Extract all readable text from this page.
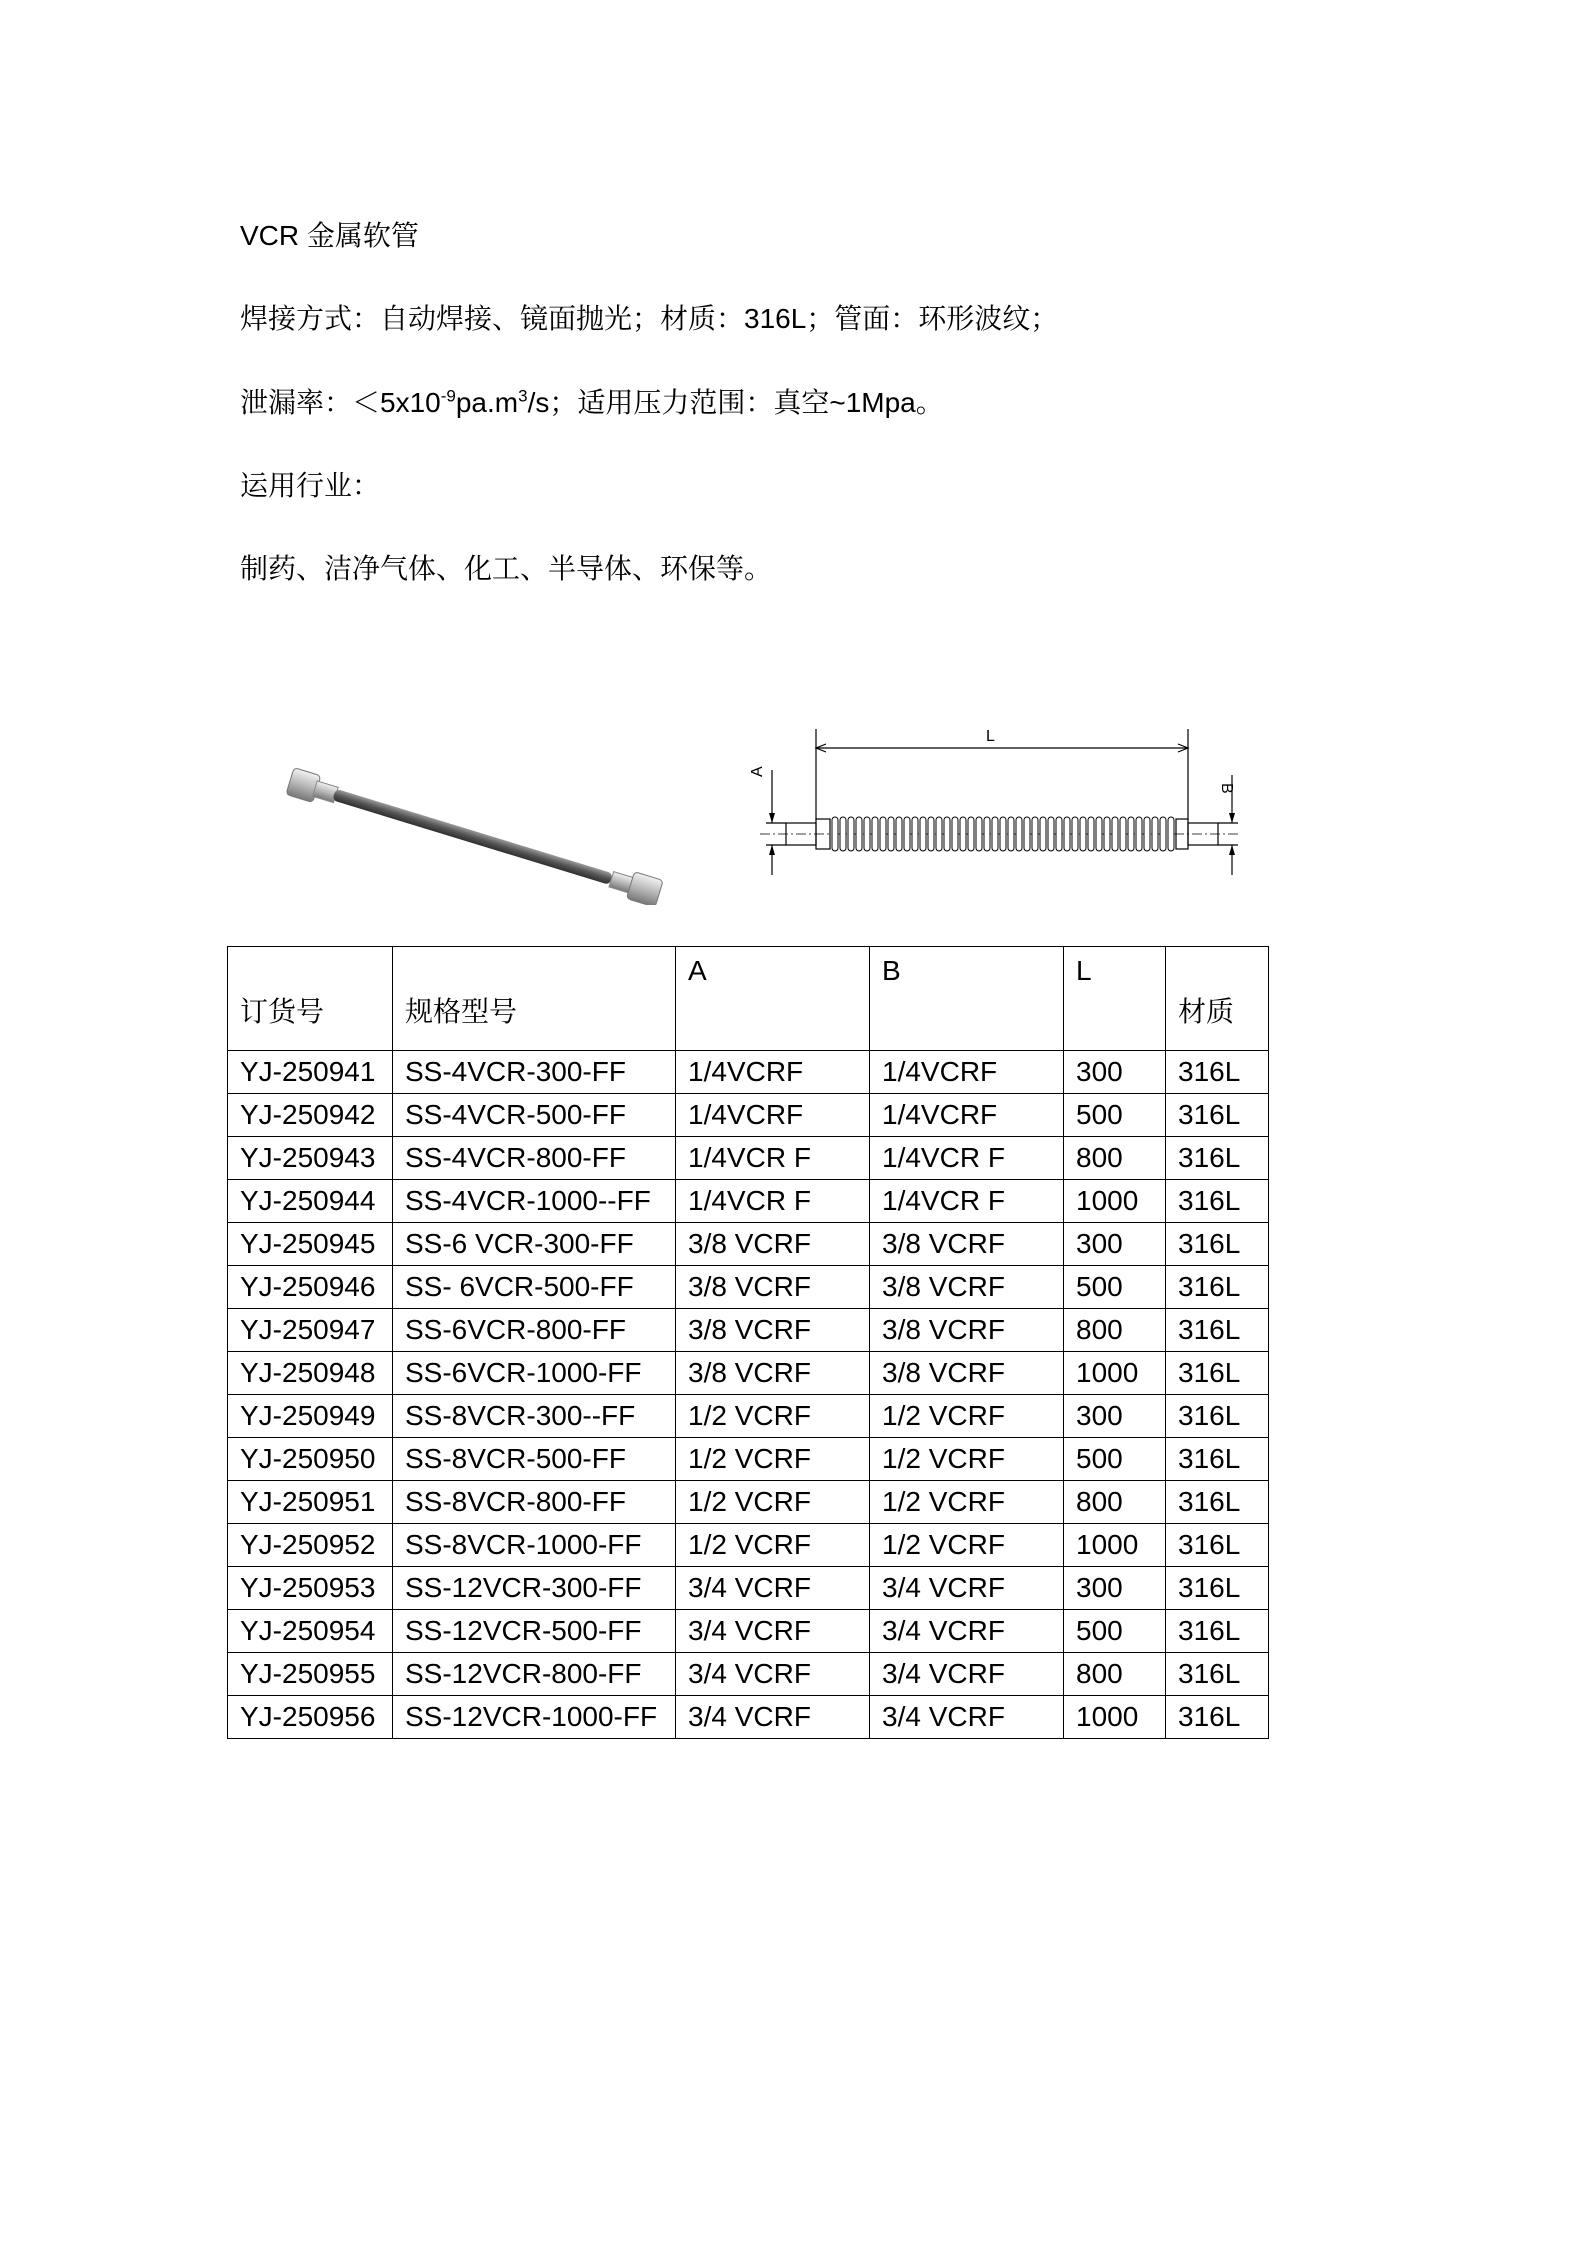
VCR 金属软管
焊接方式：自动焊接、镜面抛光；材质：316L；管面：环形波纹；
泄漏率：$<5x10^{-9}pa.m^3/s$；适用压力范围：真空~1Mpa。
运用行业：
制药、洁净气体、化工、半导体、环保等。
L
A
B
订货号	规格型号	A	B	L	材质
YJ-250941	SS-4VCR-300-FF	1/4VCRF	1/4VCRF	300	316L
YJ-250942	SS-4VCR-500-FF	1/4VCRF	1/4VCRF	500	316L
YJ-250943	SS-4VCR-800-FF	1/4VCR F	1/4VCR F	800	316L
YJ-250944	SS-4VCR-1000--FF	1/4VCR F	1/4VCR F	1000	316L
YJ-250945	SS-6 VCR-300-FF	3/8 VCRF	3/8 VCRF	300	316L
YJ-250946	SS- 6VCR-500-FF	3/8 VCRF	3/8 VCRF	500	316L
YJ-250947	SS-6VCR-800-FF	3/8 VCRF	3/8 VCRF	800	316L
YJ-250948	SS-6VCR-1000-FF	3/8 VCRF	3/8 VCRF	1000	316L
YJ-250949	SS-8VCR-300--FF	1/2 VCRF	1/2 VCRF	300	316L
YJ-250950	SS-8VCR-500-FF	1/2 VCRF	1/2 VCRF	500	316L
YJ-250951	SS-8VCR-800-FF	1/2 VCRF	1/2 VCRF	800	316L
YJ-250952	SS-8VCR-1000-FF	1/2 VCRF	1/2 VCRF	1000	316L
YJ-250953	SS-12VCR-300-FF	3/4 VCRF	3/4 VCRF	300	316L
YJ-250954	SS-12VCR-500-FF	3/4 VCRF	3/4 VCRF	500	316L
YJ-250955	SS-12VCR-800-FF	3/4 VCRF	3/4 VCRF	800	316L
YJ-250956	SS-12VCR-1000-FF	3/4 VCRF	3/4 VCRF	1000	316L
